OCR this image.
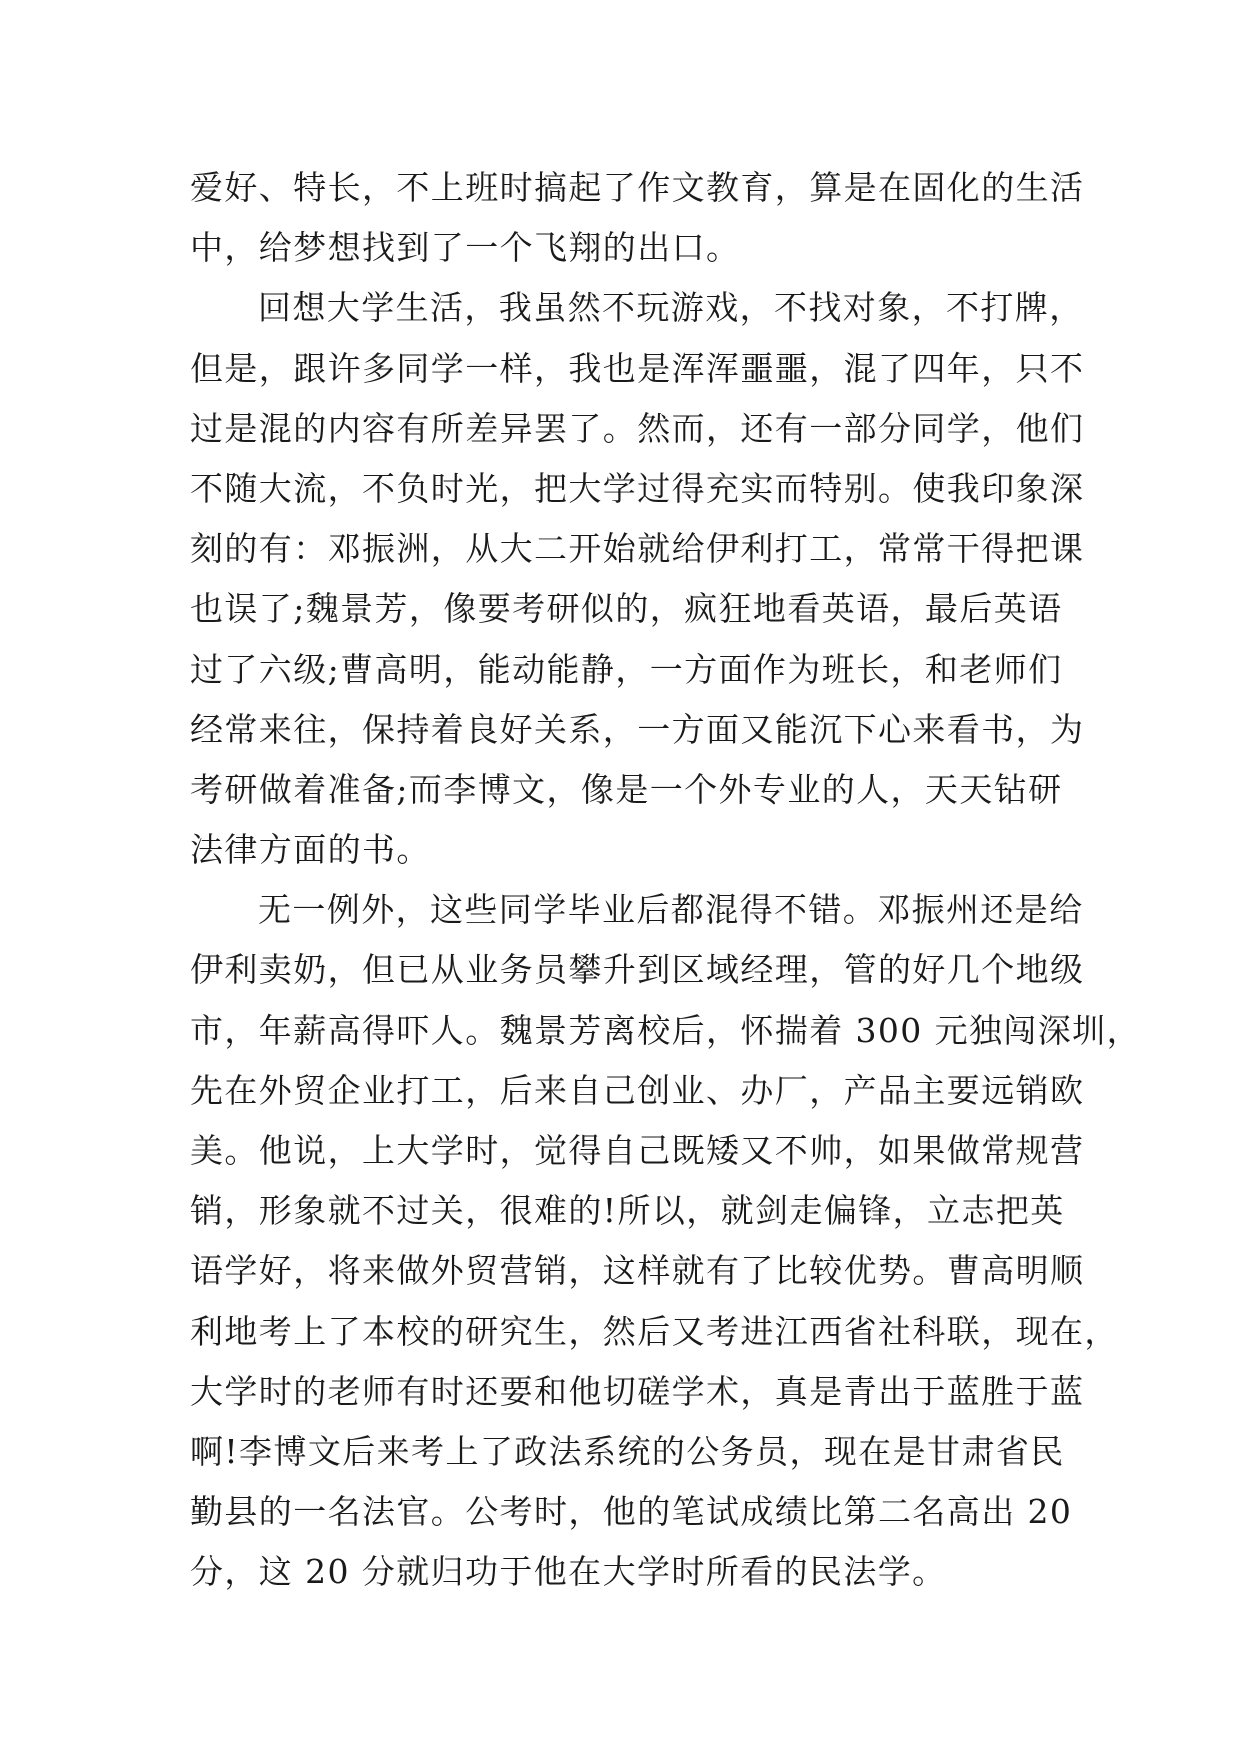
爱好、特长，不上班时搞起了作文教育，算是在固化的生活
中，给梦想找到了一个飞翔的出口。
回想大学生活，我虽然不玩游戏，不找对象，不打牌，
但是，跟许多同学一样，我也是浑浑噩噩，混了四年，只不
过是混的内容有所差异罢了。然而，还有一部分同学，他们
不随大流，不负时光，把大学过得充实而特别。使我印象深
刻的有：邓振洲，从大二开始就给伊利打工，常常干得把课
也误了;魏景芳，像要考研似的，疯狂地看英语，最后英语
过了六级;曹高明，能动能静，一方面作为班长，和老师们
经常来往，保持着良好关系，一方面又能沉下心来看书，为
考研做着准备;而李博文，像是一个外专业的人，天天钻研
法律方面的书。
无一例外，这些同学毕业后都混得不错。邓振州还是给
伊利卖奶，但已从业务员攀升到区域经理，管的好几个地级
市，年薪高得吓人。魏景芳离校后，怀揣着 300 元独闯深圳，
先在外贸企业打工，后来自己创业、办厂，产品主要远销欧
美。他说，上大学时，觉得自己既矮又不帅，如果做常规营
销，形象就不过关，很难的!所以，就剑走偏锋，立志把英
语学好，将来做外贸营销，这样就有了比较优势。曹高明顺
利地考上了本校的研究生，然后又考进江西省社科联，现在，
大学时的老师有时还要和他切磋学术，真是青出于蓝胜于蓝
啊!李博文后来考上了政法系统的公务员，现在是甘肃省民
勤县的一名法官。公考时，他的笔试成绩比第二名高出 20
分，这 20 分就归功于他在大学时所看的民法学。
